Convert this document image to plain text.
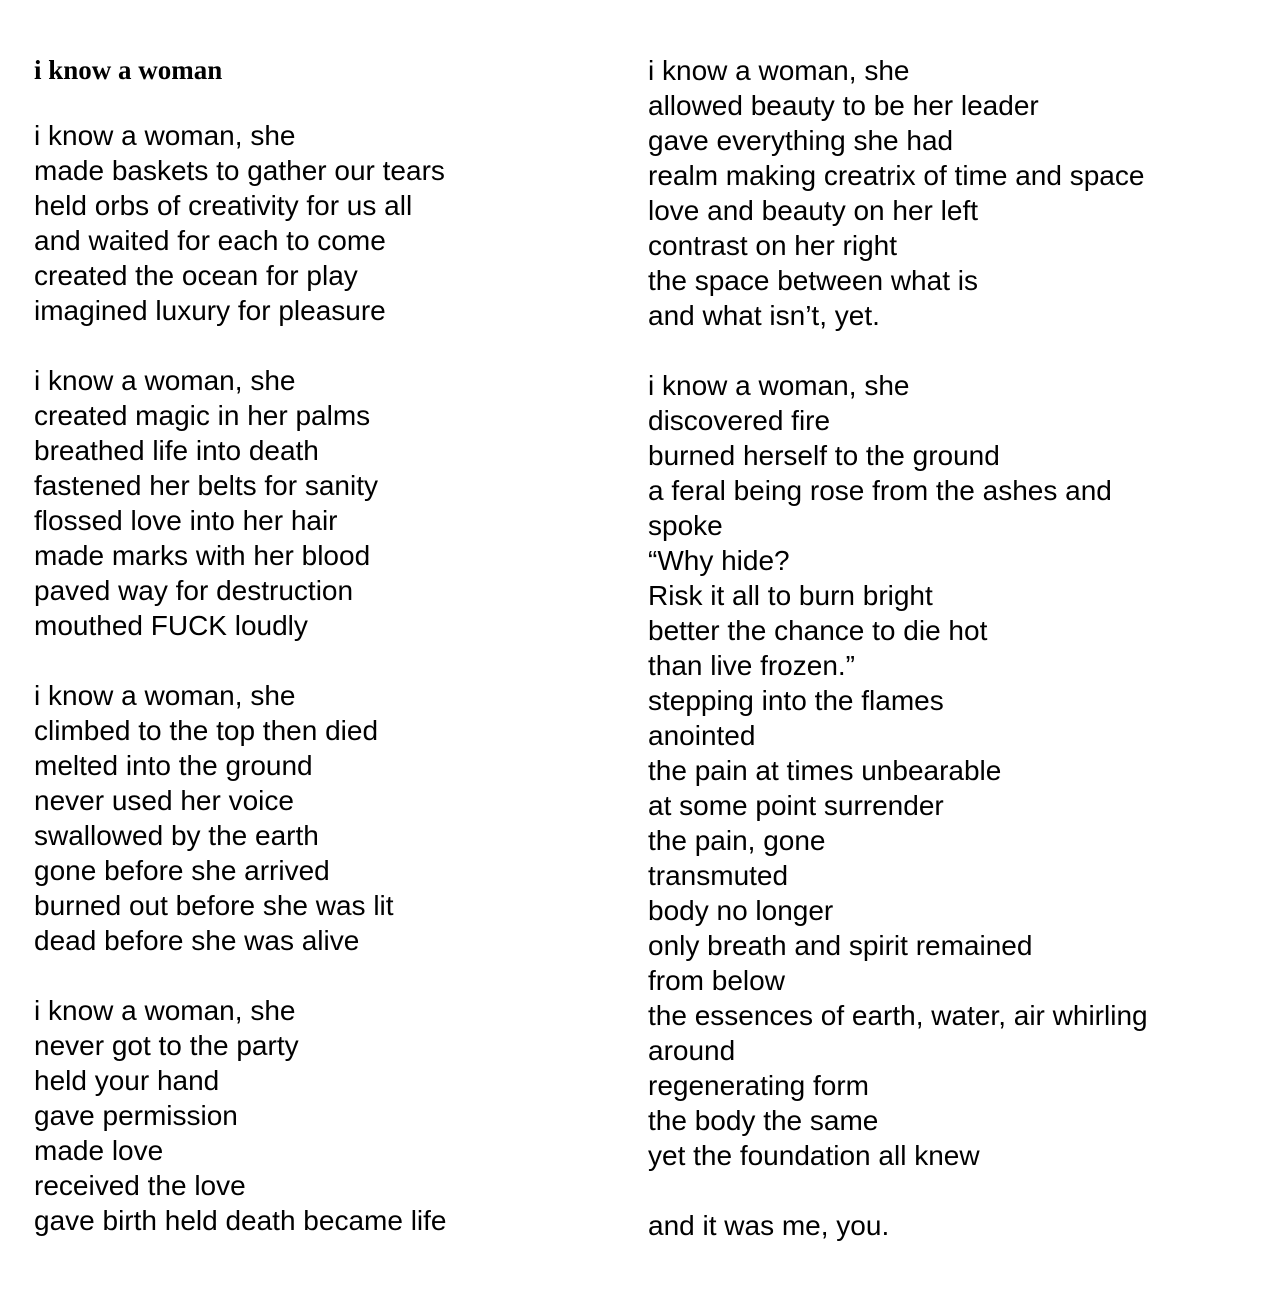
i know a woman
i know a woman, she
made baskets to gather our tears
held orbs of creativity for us all
and waited for each to come
created the ocean for play
imagined luxury for pleasure
i know a woman, she
created magic in her palms
breathed life into death
fastened her belts for sanity
flossed love into her hair
made marks with her blood
paved way for destruction
mouthed FUCK loudly
i know a woman, she
climbed to the top then died
melted into the ground
never used her voice
swallowed by the earth
gone before she arrived
burned out before she was lit
dead before she was alive
i know a woman, she
never got to the party
held your hand
gave permission
made love
received the love
gave birth held death became life
i know a woman, she
allowed beauty to be her leader
gave everything she had
realm making creatrix of time and space
love and beauty on her left
contrast on her right
the space between what is
and what isn’t, yet.
i know a woman, she
discovered fire
burned herself to the ground
a feral being rose from the ashes and
spoke
“Why hide?
Risk it all to burn bright
better the chance to die hot
than live frozen.”
stepping into the flames
anointed
the pain at times unbearable
at some point surrender
the pain, gone
transmuted
body no longer
only breath and spirit remained
from below
the essences of earth, water, air whirling
around
regenerating form
the body the same
yet the foundation all knew
and it was me, you.
